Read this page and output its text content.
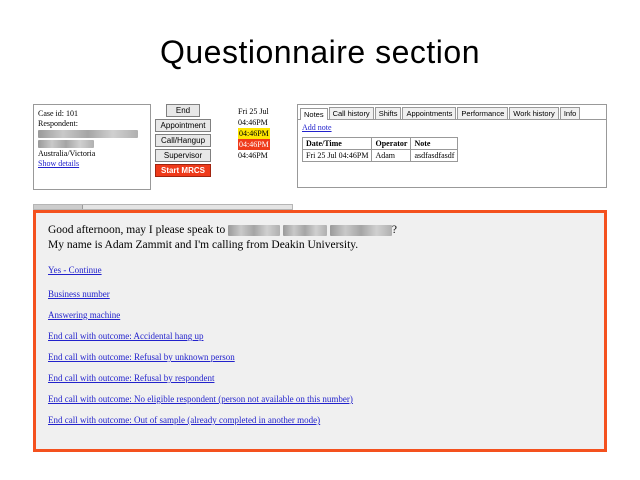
Questionnaire section
Case id: 101
Respondent:
Australia/Victoria
Show details
End
Appointment
Call/Hangup
Supervisor
Start MRCS
Fri 25 Jul
04:46PM
04:46PM
04:46PM
04:46PM
Notes	Call history	Shifts	Appointments	Performance	Work history	Info
Add note
Date/Time	Operator	Note
Fri 25 Jul 04:46PM	Adam	asdfasdfasdf
Good afternoon, may I please speak to	?
My name is Adam Zammit and I'm calling from Deakin University.
Yes - Continue
Business number
Answering machine
End call with outcome: Accidental hang up
End call with outcome: Refusal by unknown person
End call with outcome: Refusal by respondent
End call with outcome: No eligible respondent (person not available on this number)
End call with outcome: Out of sample (already completed in another mode)
